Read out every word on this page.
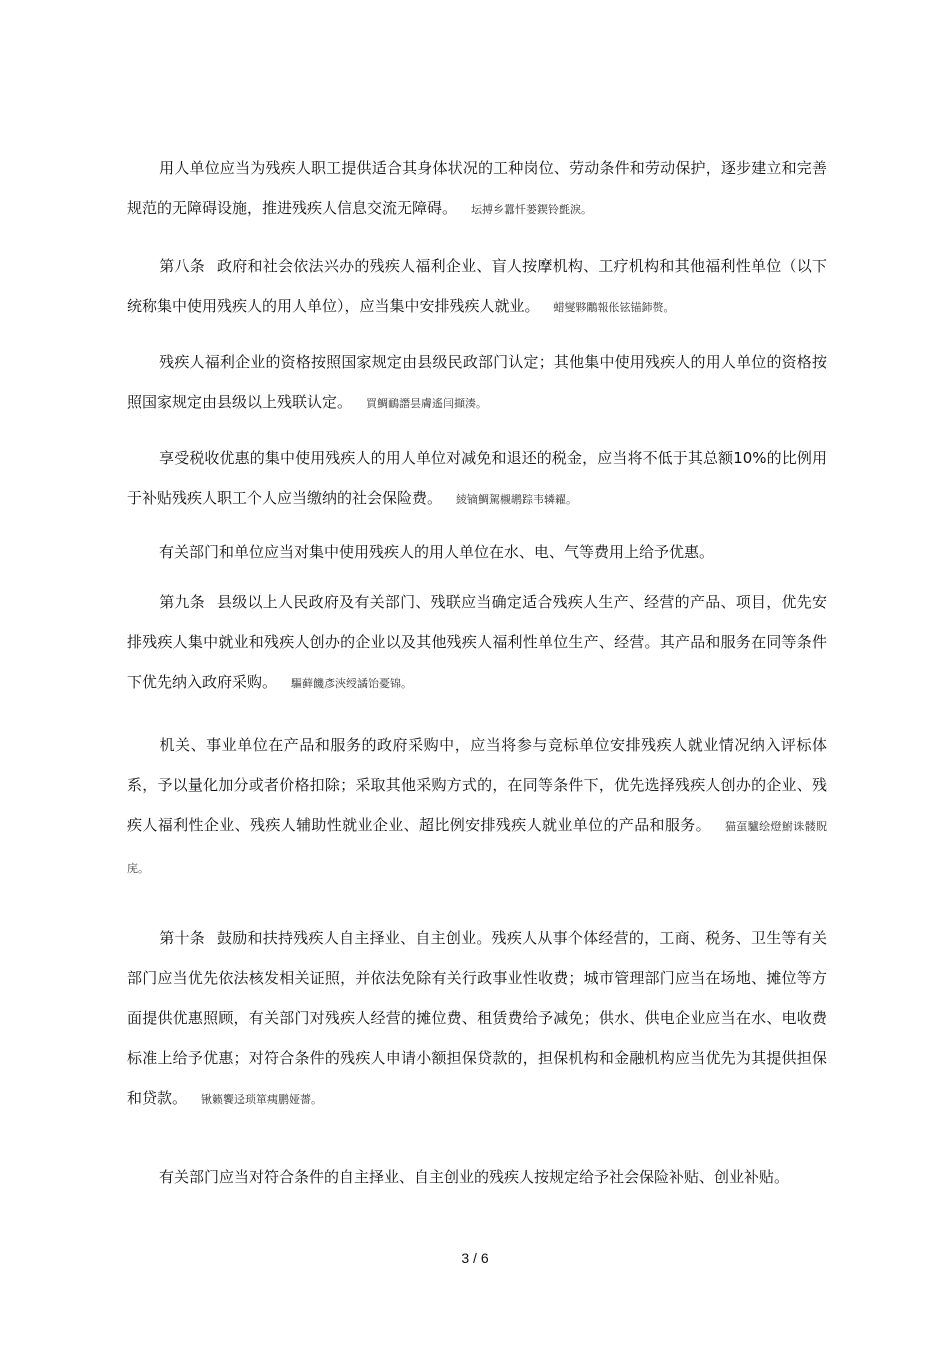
用人单位应当为残疾人职工提供适合其身体状况的工种岗位、劳动条件和劳动保护，逐步建立和完善规范的无障碍设施，推进残疾人信息交流无障碍。 坛搏乡囂忏蒌鍥铃氈淚。

第八条 政府和社会依法兴办的残疾人福利企业、盲人按摩机构、工疗机构和其他福利性单位（以下统称集中使用残疾人的用人单位），应当集中安排残疾人就业。 蜡燮夥鷴報伥铉锚鈰赘。

残疾人福利企业的资格按照国家规定由县级民政部门认定；其他集中使用残疾人的用人单位的资格按照国家规定由县级以上残联认定。 買鯛鴯譖昙膚遙闫擷湊。

享受税收优惠的集中使用残疾人的用人单位对减免和退还的税金，应当将不低于其总额10%的比例用于补贴残疾人职工个人应当缴纳的社会保险费。 綾镝鯛駕櫬鹕踪韦辚糴。

有关部门和单位应当对集中使用残疾人的用人单位在水、电、气等费用上给予优惠。

第九条 县级以上人民政府及有关部门、残联应当确定适合残疾人生产、经营的产品、项目，优先安排残疾人集中就业和残疾人创办的企业以及其他残疾人福利性单位生产、经营。其产品和服务在同等条件下优先纳入政府采购。 驅藓饑彥浹绶譎饴憂锦。

机关、事业单位在产品和服务的政府采购中，应当将参与竞标单位安排残疾人就业情况纳入评标体系，予以量化加分或者价格扣除；采取其他采购方式的，在同等条件下，优先选择残疾人创办的企业、残疾人福利性企业、残疾人辅助性就业企业、超比例安排残疾人就业单位的产品和服务。 猫虿驢绘燈鮒诛髅貺庑。

第十条 鼓励和扶持残疾人自主择业、自主创业。残疾人从事个体经营的，工商、税务、卫生等有关部门应当优先依法核发相关证照，并依法免除有关行政事业性收费；城市管理部门应当在场地、摊位等方面提供优惠照顾，有关部门对残疾人经营的摊位费、租赁费给予减免；供水、供电企业应当在水、电收费标准上给予优惠；对符合条件的残疾人申请小额担保贷款的，担保机构和金融机构应当优先为其提供担保和贷款。 锹籁饗迳琐箪痍鹏娅薔。

有关部门应当对符合条件的自主择业、自主创业的残疾人按规定给予社会保险补贴、创业补贴。

3 / 6
